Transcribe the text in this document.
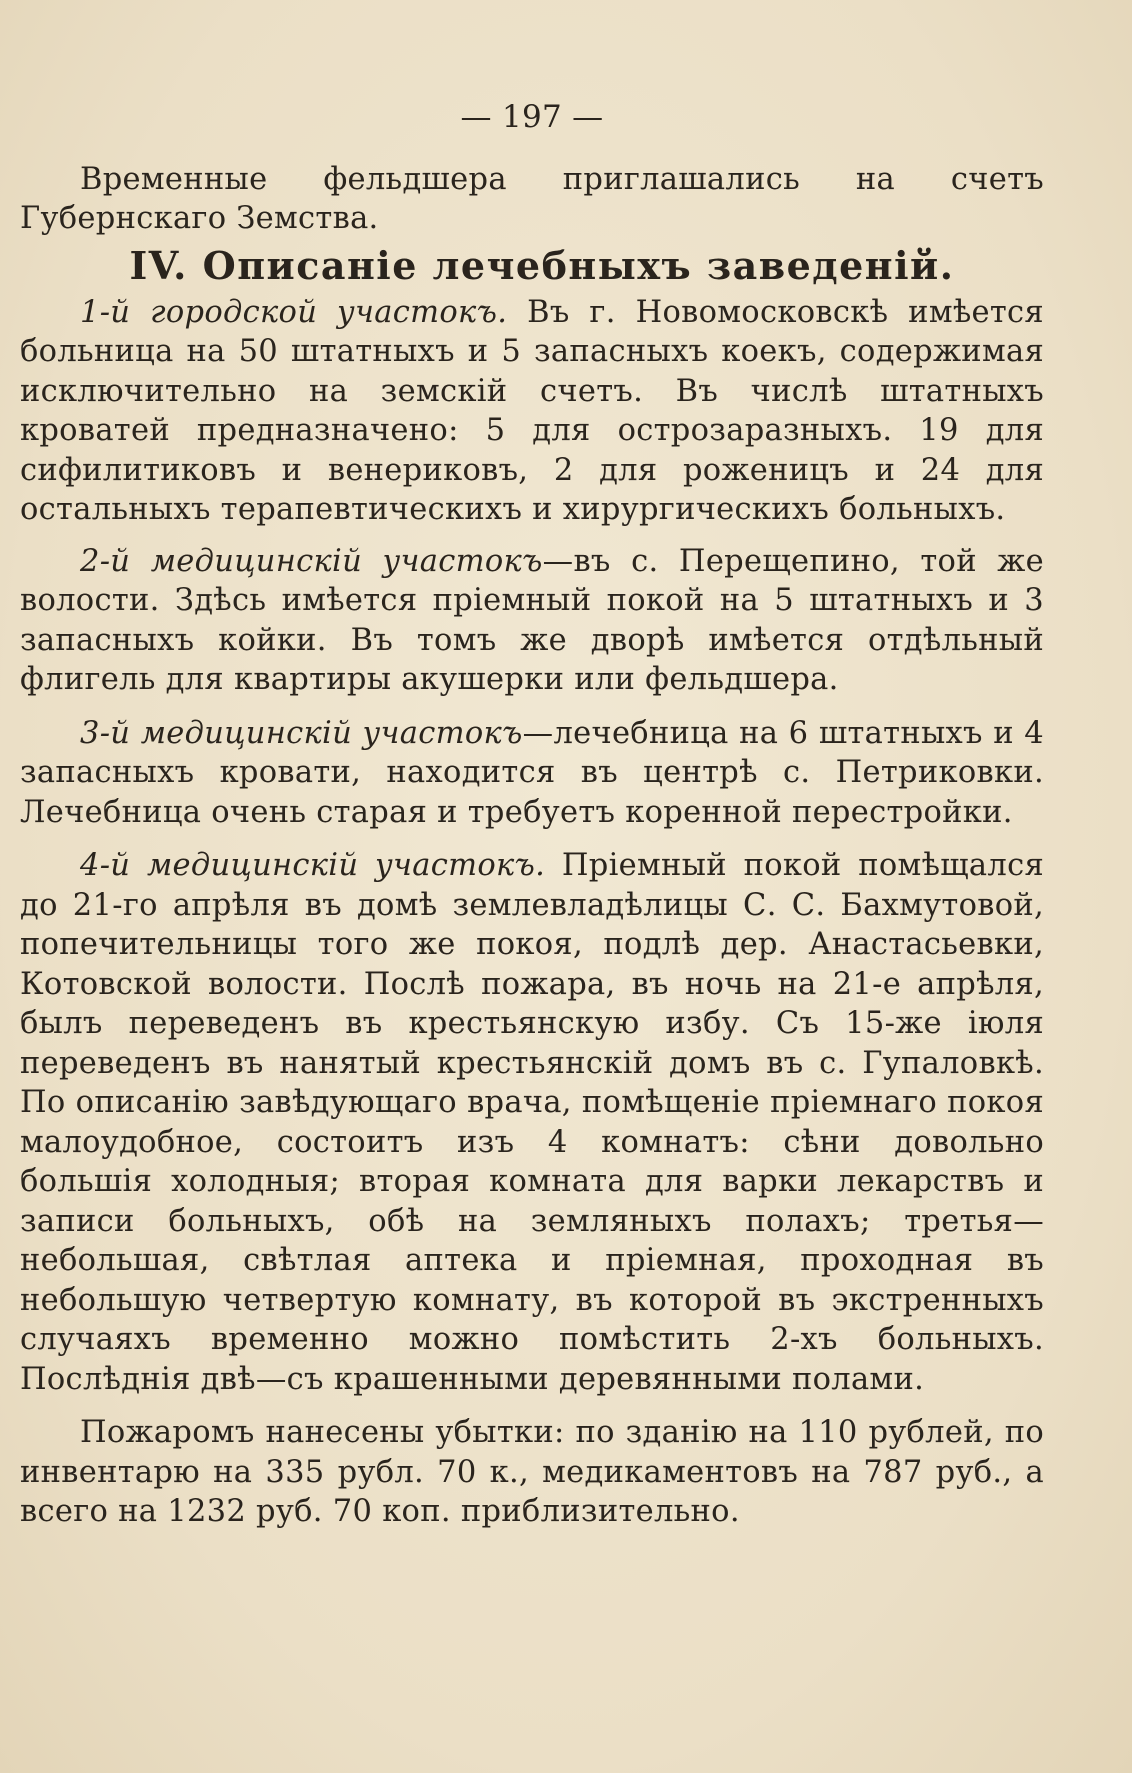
— 197 —

Временные фельдшера приглашались на счетъ Губернскаго Земства.

IV. Описаніе лечебныхъ заведеній.

1-й городской участокъ. Въ г. Новомосковскѣ имѣется больница на 50 штатныхъ и 5 запасныхъ коекъ, содержимая исключительно на земскій счетъ. Въ числѣ штатныхъ кроватей предназначено: 5 для острозаразныхъ. 19 для сифилитиковъ и венериковъ, 2 для роженицъ и 24 для остальныхъ терапевтическихъ и хирургическихъ больныхъ.

2-й медицинскій участокъ—въ с. Перещепино, той же волости. Здѣсь имѣется пріемный покой на 5 штатныхъ и 3 запасныхъ койки. Въ томъ же дворѣ имѣется отдѣльный флигель для квартиры акушерки или фельдшера.

3-й медицинскій участокъ—лечебница на 6 штатныхъ и 4 запасныхъ кровати, находится въ центрѣ с. Петриковки. Лечебница очень старая и требуетъ коренной перестройки.

4-й медицинскій участокъ. Пріемный покой помѣщался до 21-го апрѣля въ домѣ землевладѣлицы С. С. Бахмутовой, попечительницы того же покоя, подлѣ дер. Анастасьевки, Котовской волости. Послѣ пожара, въ ночь на 21-е апрѣля, былъ переведенъ въ крестьянскую избу. Съ 15-же іюля переведенъ въ нанятый крестьянскій домъ въ с. Гупаловкѣ. По описанію завѣдующаго врача, помѣщеніе пріемнаго покоя малоудобное, состоитъ изъ 4 комнатъ: сѣни довольно большія холодныя; вторая комната для варки лекарствъ и записи больныхъ, обѣ на земляныхъ полахъ; третья—небольшая, свѣтлая аптека и пріемная, проходная въ небольшую четвертую комнату, въ которой въ экстренныхъ случаяхъ временно можно помѣстить 2-хъ больныхъ. Послѣднія двѣ—съ крашенными деревянными полами.

Пожаромъ нанесены убытки: по зданію на 110 рублей, по инвентарю на 335 рубл. 70 к., медикаментовъ на 787 руб., а всего на 1232 руб. 70 коп. приблизительно.
